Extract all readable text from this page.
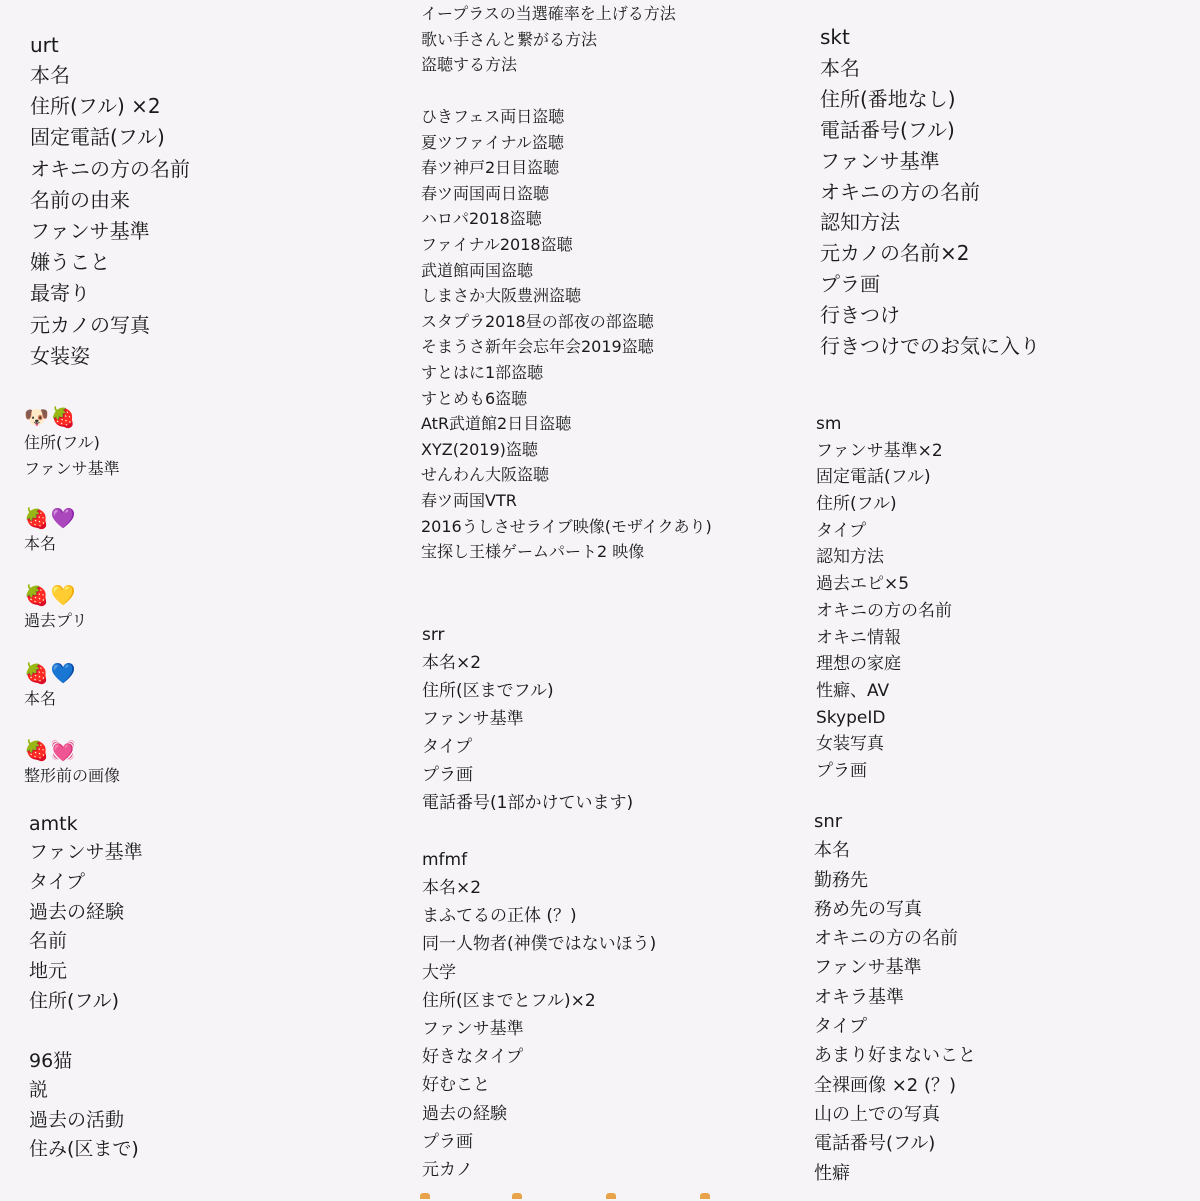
urt
本名
住所(フル) ×2
固定電話(フル)
オキニの方の名前
名前の由来
ファンサ基準
嫌うこと
最寄り
元カノの写真
女装姿
🐶 🍓
住所(フル)
ファンサ基準
🍓 💜
本名
🍓 💛
過去プリ
🍓 💙
本名
🍓 💓
整形前の画像
amtk
ファンサ基準
タイプ
過去の経験
名前
地元
住所(フル)
96猫
説
過去の活動
住み(区まで)
イープラスの当選確率を上げる方法
歌い手さんと繋がる方法
盗聴する方法
ひきフェス両日盗聴
夏ツファイナル盗聴
春ツ神戸2日目盗聴
春ツ両国両日盗聴
ハロパ2018盗聴
ファイナル2018盗聴
武道館両国盗聴
しまさか大阪豊洲盗聴
スタプラ2018昼の部夜の部盗聴
そまうさ新年会忘年会2019盗聴
すとはに1部盗聴
すとめも6盗聴
AtR武道館2日目盗聴
XYZ(2019)盗聴
せんわん大阪盗聴
春ツ両国VTR
2016うしさせライブ映像(モザイクあり)
宝探し王様ゲームパート2 映像
srr
本名×2
住所(区までフル)
ファンサ基準
タイプ
プラ画
電話番号(1部かけています)
mfmf
本名×2
まふてるの正体 (？)
同一人物者(神僕ではないほう)
大学
住所(区までとフル)×2
ファンサ基準
好きなタイプ
好むこと
過去の経験
プラ画
元カノ
skt
本名
住所(番地なし)
電話番号(フル)
ファンサ基準
オキニの方の名前
認知方法
元カノの名前×2
プラ画
行きつけ
行きつけでのお気に入り
sm
ファンサ基準×2
固定電話(フル)
住所(フル)
タイプ
認知方法
過去エピ×5
オキニの方の名前
オキニ情報
理想の家庭
性癖、AV
SkypeID
女装写真
プラ画
snr
本名
勤務先
務め先の写真
オキニの方の名前
ファンサ基準
オキラ基準
タイプ
あまり好まないこと
全裸画像 ×2 (？)
山の上での写真
電話番号(フル)
性癖
